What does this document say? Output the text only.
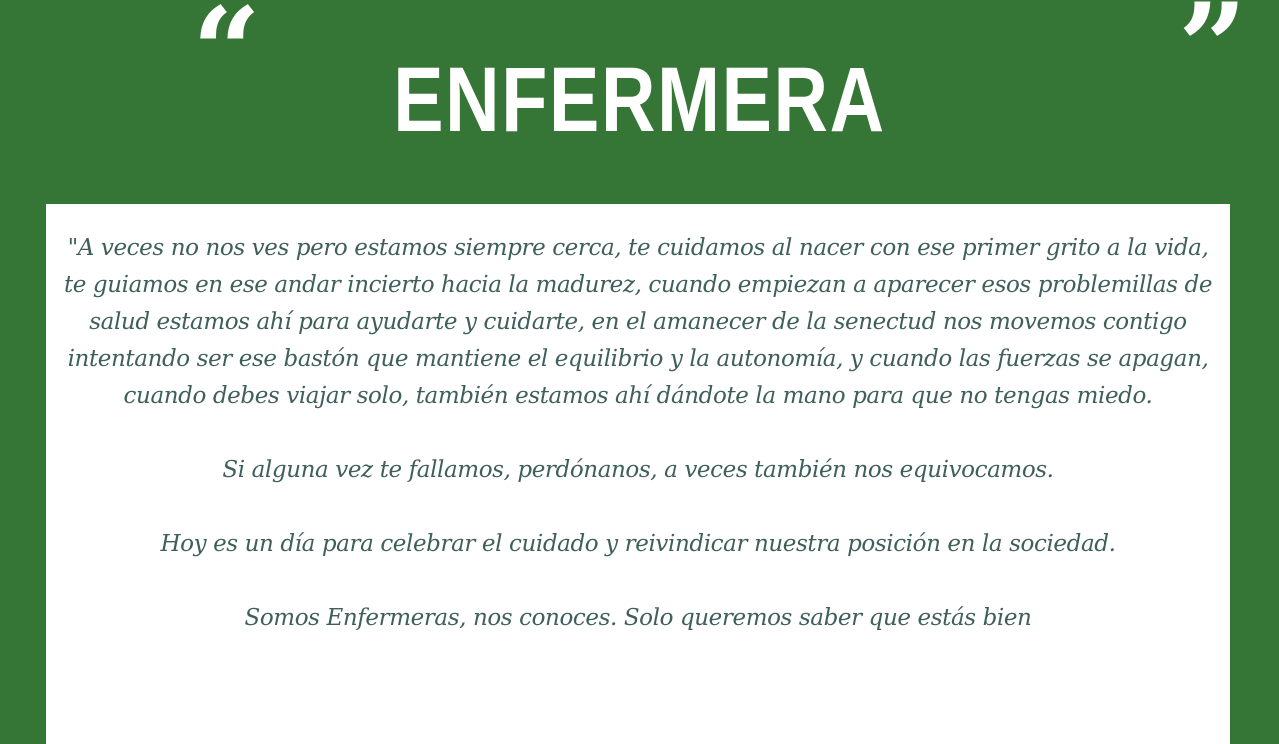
“	”
ENFERMERA

"A veces no nos ves pero estamos siempre cerca, te cuidamos al nacer con ese primer grito a la vida, te guiamos en ese andar incierto hacia la madurez, cuando empiezan a aparecer esos problemillas de salud estamos ahí para ayudarte y cuidarte, en el amanecer de la senectud nos movemos contigo intentando ser ese bastón que mantiene el equilibrio y la autonomía, y cuando las fuerzas se apagan, cuando debes viajar solo, también estamos ahí dándote la mano para que no tengas miedo.

Si alguna vez te fallamos, perdónanos, a veces también nos equivocamos.

Hoy es un día para celebrar el cuidado y reivindicar nuestra posición en la sociedad.

Somos Enfermeras, nos conoces. Solo queremos saber que estás bien
